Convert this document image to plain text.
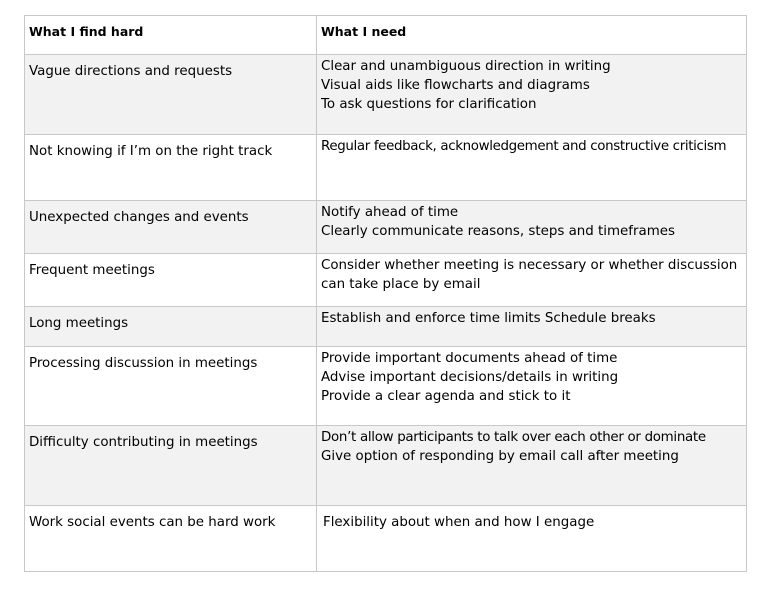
What I find hard	What I need
Vague directions and requests	Clear and unambiguous direction in writing
Visual aids like flowcharts and diagrams
To ask questions for clarification

Not knowing if I’m on the right track	Regular feedback, acknowledgement and constructive criticism

Unexpected changes and events	Notify ahead of time
Clearly communicate reasons, steps and timeframes

Frequent meetings	Consider whether meeting is necessary or whether discussion can take place by email

Long meetings	Establish and enforce time limits Schedule breaks

Processing discussion in meetings	Provide important documents ahead of time
Advise important decisions/details in writing
Provide a clear agenda and stick to it

Difficulty contributing in meetings	Don’t allow participants to talk over each other or dominate
Give option of responding by email call after meeting

Work social events can be hard work	Flexibility about when and how I engage
